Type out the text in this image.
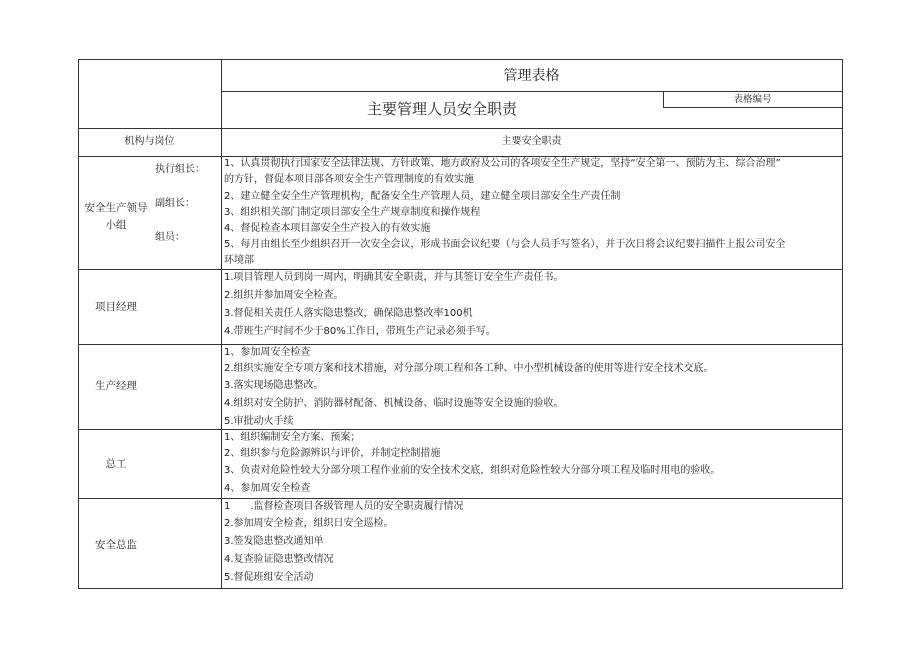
管理表格
主要管理人员安全职责
表格编号
机构与岗位	主要安全职责
安全生产领导小组
执行组长：
副组长：
组员：
1、认真贯彻执行国家安全法律法规、方针政策、地方政府及公司的各项安全生产规定，坚持“安全第一、预防为主、综合治理”
的方针，督促本项目部各项安全生产管理制度的有效实施
2、建立健全安全生产管理机构，配备安全生产管理人员，建立健全项目部安全生产责任制
3、组织相关部门制定项目部安全生产规章制度和操作规程
4、督促检查本项目部安全生产投入的有效实施
5、每月由组长至少组织召开一次安全会议，形成书面会议纪要（与会人员手写签名），并于次日将会议纪要扫描件上报公司安全
环境部
项目经理
1.项目管理人员到岗一周内，明确其安全职责，并与其签订安全生产责任书。
2.组织并参加周安全检查。
3.督促相关责任人落实隐患整改，确保隐患整改率100机
4.带班生产时间不少于80%工作日，带班生产记录必须手写。
生产经理
1、参加周安全检查
2.组织实施安全专项方案和技术措施，对分部分项工程和各工种、中小型机械设备的使用等进行安全技术交底。
3.落实现场隐患整改。
4.组织对安全防护、消防器材配备、机械设备、临时设施等安全设施的验收。
5.审批动火手续
总工
1、组织编制安全方案、预案；
2、组织参与危险源辨识与评价，并制定控制措施
3、负责对危险性较大分部分项工程作业前的安全技术交底，组织对危险性较大分部分项工程及临时用电的验收。
4、参加周安全检查
安全总监
1　　.监督检查项目各级管理人员的安全职责履行情况
2.参加周安全检查，组织日安全巡检。
3.签发隐患整改通知单
4.复查验证隐患整改情况
5.督促班组安全活动
